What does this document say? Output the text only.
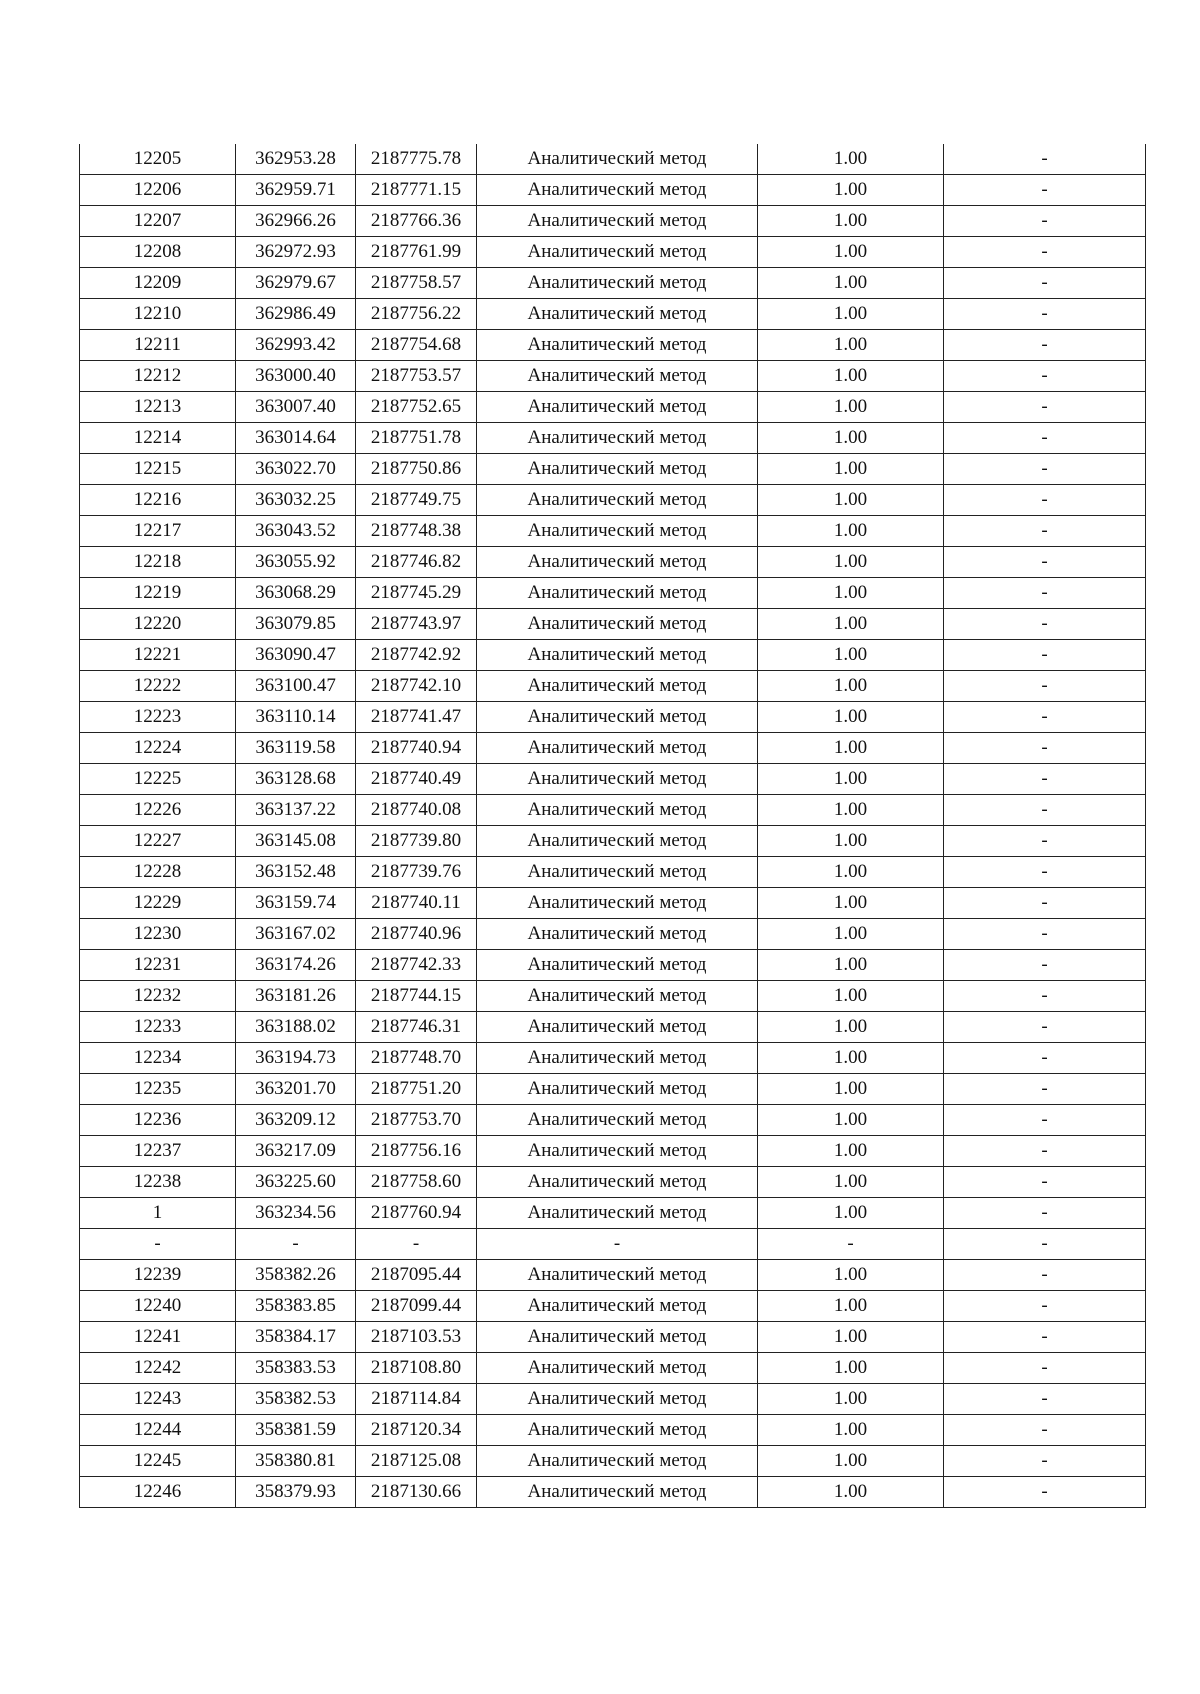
12205	362953.28	2187775.78	Аналитический метод	1.00	-
12206	362959.71	2187771.15	Аналитический метод	1.00	-
12207	362966.26	2187766.36	Аналитический метод	1.00	-
12208	362972.93	2187761.99	Аналитический метод	1.00	-
12209	362979.67	2187758.57	Аналитический метод	1.00	-
12210	362986.49	2187756.22	Аналитический метод	1.00	-
12211	362993.42	2187754.68	Аналитический метод	1.00	-
12212	363000.40	2187753.57	Аналитический метод	1.00	-
12213	363007.40	2187752.65	Аналитический метод	1.00	-
12214	363014.64	2187751.78	Аналитический метод	1.00	-
12215	363022.70	2187750.86	Аналитический метод	1.00	-
12216	363032.25	2187749.75	Аналитический метод	1.00	-
12217	363043.52	2187748.38	Аналитический метод	1.00	-
12218	363055.92	2187746.82	Аналитический метод	1.00	-
12219	363068.29	2187745.29	Аналитический метод	1.00	-
12220	363079.85	2187743.97	Аналитический метод	1.00	-
12221	363090.47	2187742.92	Аналитический метод	1.00	-
12222	363100.47	2187742.10	Аналитический метод	1.00	-
12223	363110.14	2187741.47	Аналитический метод	1.00	-
12224	363119.58	2187740.94	Аналитический метод	1.00	-
12225	363128.68	2187740.49	Аналитический метод	1.00	-
12226	363137.22	2187740.08	Аналитический метод	1.00	-
12227	363145.08	2187739.80	Аналитический метод	1.00	-
12228	363152.48	2187739.76	Аналитический метод	1.00	-
12229	363159.74	2187740.11	Аналитический метод	1.00	-
12230	363167.02	2187740.96	Аналитический метод	1.00	-
12231	363174.26	2187742.33	Аналитический метод	1.00	-
12232	363181.26	2187744.15	Аналитический метод	1.00	-
12233	363188.02	2187746.31	Аналитический метод	1.00	-
12234	363194.73	2187748.70	Аналитический метод	1.00	-
12235	363201.70	2187751.20	Аналитический метод	1.00	-
12236	363209.12	2187753.70	Аналитический метод	1.00	-
12237	363217.09	2187756.16	Аналитический метод	1.00	-
12238	363225.60	2187758.60	Аналитический метод	1.00	-
1	363234.56	2187760.94	Аналитический метод	1.00	-
-	-	-	-	-	-
12239	358382.26	2187095.44	Аналитический метод	1.00	-
12240	358383.85	2187099.44	Аналитический метод	1.00	-
12241	358384.17	2187103.53	Аналитический метод	1.00	-
12242	358383.53	2187108.80	Аналитический метод	1.00	-
12243	358382.53	2187114.84	Аналитический метод	1.00	-
12244	358381.59	2187120.34	Аналитический метод	1.00	-
12245	358380.81	2187125.08	Аналитический метод	1.00	-
12246	358379.93	2187130.66	Аналитический метод	1.00	-
